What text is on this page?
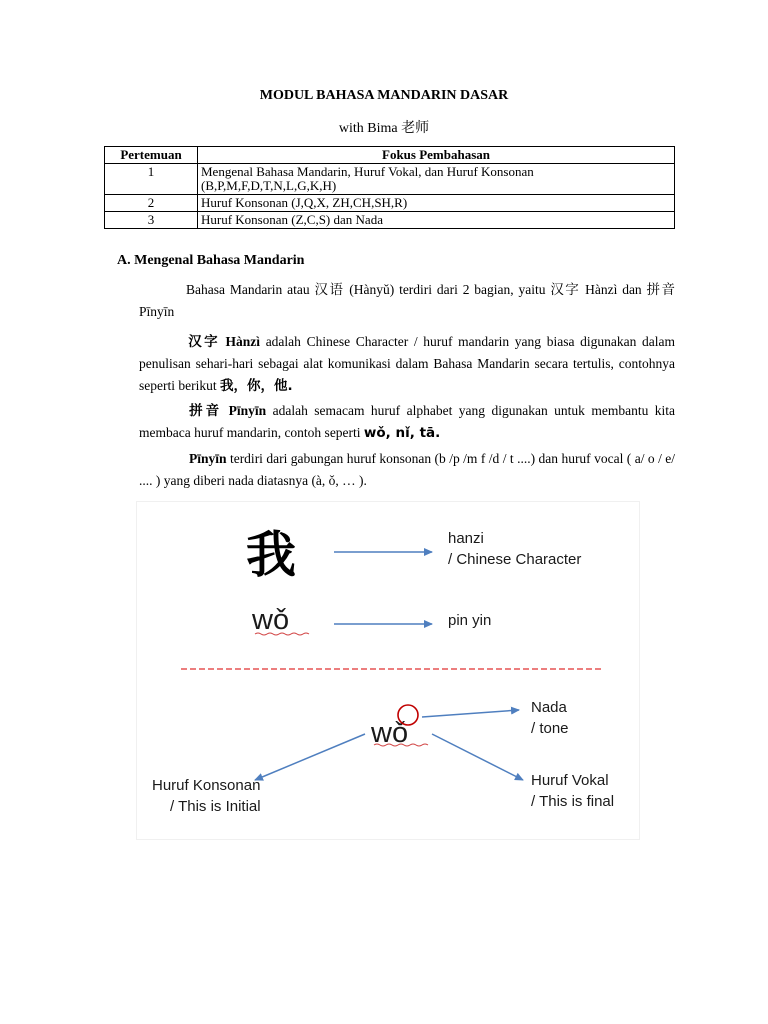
MODUL BAHASA MANDARIN DASAR
with Bima 老师
Pertemuan	Fokus Pembahasan
1	Mengenal Bahasa Mandarin, Huruf Vokal, dan Huruf Konsonan (B,P,M,F,D,T,N,L,G,K,H)
2	Huruf Konsonan (J,Q,X, ZH,CH,SH,R)
3	Huruf Konsonan (Z,C,S) dan Nada
A. Mengenal Bahasa Mandarin
Bahasa Mandarin atau 汉语 (Hànyǔ) terdiri dari 2 bagian, yaitu 汉字 Hànzì dan 拼音 Pīnyīn
汉字 Hànzì adalah Chinese Character / huruf mandarin yang biasa digunakan dalam penulisan sehari-hari sebagai alat komunikasi dalam Bahasa Mandarin secara tertulis, contohnya seperti berikut 我，你，他.
拼音 Pīnyīn adalah semacam huruf alphabet yang digunakan untuk membantu kita membaca huruf mandarin, contoh seperti wǒ, nǐ, tā.
Pīnyīn terdiri dari gabungan huruf konsonan (b /p /m f /d / t ....) dan huruf vocal ( a/ o / e/ .... ) yang diberi nada diatasnya (à, ǒ, … ).
我
wǒ
wǒ
hanzi
/ Chinese Character
pin yin
Nada
/ tone
Huruf Konsonan
/ This is Initial
Huruf Vokal
/ This is final
